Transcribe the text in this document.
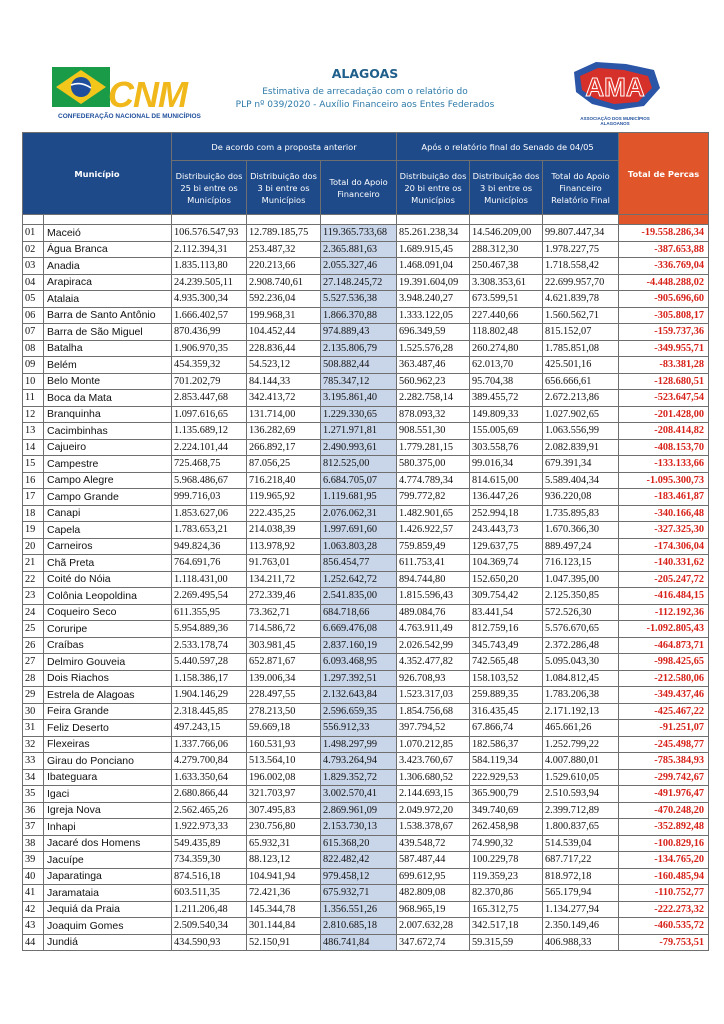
CNM
CONFEDERAÇÃO NACIONAL DE MUNICÍPIOS
ALAGOAS
Estimativa de arrecadação com o relatório do
PLP nº 039/2020 - Auxílio Financeiro aos Entes Federados
AMA
ASSOCIAÇÃO DOS MUNICÍPIOS ALAGOANOS
Município		De acordo com a proposta anterior			Após o relatório final do Senado de 04/05			Total de Percas
		Distribuição dos 25 bi entre os Municípios	Distribuição dos 3 bi entre os Municípios	Total do Apoio Financeiro	Distribuição dos 20 bi entre os Municípios	Distribuição dos 3 bi entre os Municípios	Total do Apoio Financeiro Relatório Final	

01	Maceió	106.576.547,93	12.789.185,75	119.365.733,68	85.261.238,34	14.546.209,00	99.807.447,34	-19.558.286,34
02	Água Branca	2.112.394,31	253.487,32	2.365.881,63	1.689.915,45	288.312,30	1.978.227,75	-387.653,88
03	Anadia	1.835.113,80	220.213,66	2.055.327,46	1.468.091,04	250.467,38	1.718.558,42	-336.769,04
04	Arapiraca	24.239.505,11	2.908.740,61	27.148.245,72	19.391.604,09	3.308.353,61	22.699.957,70	-4.448.288,02
05	Atalaia	4.935.300,34	592.236,04	5.527.536,38	3.948.240,27	673.599,51	4.621.839,78	-905.696,60
06	Barra de Santo Antônio	1.666.402,57	199.968,31	1.866.370,88	1.333.122,05	227.440,66	1.560.562,71	-305.808,17
07	Barra de São Miguel	870.436,99	104.452,44	974.889,43	696.349,59	118.802,48	815.152,07	-159.737,36
08	Batalha	1.906.970,35	228.836,44	2.135.806,79	1.525.576,28	260.274,80	1.785.851,08	-349.955,71
09	Belém	454.359,32	54.523,12	508.882,44	363.487,46	62.013,70	425.501,16	-83.381,28
10	Belo Monte	701.202,79	84.144,33	785.347,12	560.962,23	95.704,38	656.666,61	-128.680,51
11	Boca da Mata	2.853.447,68	342.413,72	3.195.861,40	2.282.758,14	389.455,72	2.672.213,86	-523.647,54
12	Branquinha	1.097.616,65	131.714,00	1.229.330,65	878.093,32	149.809,33	1.027.902,65	-201.428,00
13	Cacimbinhas	1.135.689,12	136.282,69	1.271.971,81	908.551,30	155.005,69	1.063.556,99	-208.414,82
14	Cajueiro	2.224.101,44	266.892,17	2.490.993,61	1.779.281,15	303.558,76	2.082.839,91	-408.153,70
15	Campestre	725.468,75	87.056,25	812.525,00	580.375,00	99.016,34	679.391,34	-133.133,66
16	Campo Alegre	5.968.486,67	716.218,40	6.684.705,07	4.774.789,34	814.615,00	5.589.404,34	-1.095.300,73
17	Campo Grande	999.716,03	119.965,92	1.119.681,95	799.772,82	136.447,26	936.220,08	-183.461,87
18	Canapi	1.853.627,06	222.435,25	2.076.062,31	1.482.901,65	252.994,18	1.735.895,83	-340.166,48
19	Capela	1.783.653,21	214.038,39	1.997.691,60	1.426.922,57	243.443,73	1.670.366,30	-327.325,30
20	Carneiros	949.824,36	113.978,92	1.063.803,28	759.859,49	129.637,75	889.497,24	-174.306,04
21	Chã Preta	764.691,76	91.763,01	856.454,77	611.753,41	104.369,74	716.123,15	-140.331,62
22	Coité do Nóia	1.118.431,00	134.211,72	1.252.642,72	894.744,80	152.650,20	1.047.395,00	-205.247,72
23	Colônia Leopoldina	2.269.495,54	272.339,46	2.541.835,00	1.815.596,43	309.754,42	2.125.350,85	-416.484,15
24	Coqueiro Seco	611.355,95	73.362,71	684.718,66	489.084,76	83.441,54	572.526,30	-112.192,36
25	Coruripe	5.954.889,36	714.586,72	6.669.476,08	4.763.911,49	812.759,16	5.576.670,65	-1.092.805,43
26	Craíbas	2.533.178,74	303.981,45	2.837.160,19	2.026.542,99	345.743,49	2.372.286,48	-464.873,71
27	Delmiro Gouveia	5.440.597,28	652.871,67	6.093.468,95	4.352.477,82	742.565,48	5.095.043,30	-998.425,65
28	Dois Riachos	1.158.386,17	139.006,34	1.297.392,51	926.708,93	158.103,52	1.084.812,45	-212.580,06
29	Estrela de Alagoas	1.904.146,29	228.497,55	2.132.643,84	1.523.317,03	259.889,35	1.783.206,38	-349.437,46
30	Feira Grande	2.318.445,85	278.213,50	2.596.659,35	1.854.756,68	316.435,45	2.171.192,13	-425.467,22
31	Feliz Deserto	497.243,15	59.669,18	556.912,33	397.794,52	67.866,74	465.661,26	-91.251,07
32	Flexeiras	1.337.766,06	160.531,93	1.498.297,99	1.070.212,85	182.586,37	1.252.799,22	-245.498,77
33	Girau do Ponciano	4.279.700,84	513.564,10	4.793.264,94	3.423.760,67	584.119,34	4.007.880,01	-785.384,93
34	Ibateguara	1.633.350,64	196.002,08	1.829.352,72	1.306.680,52	222.929,53	1.529.610,05	-299.742,67
35	Igaci	2.680.866,44	321.703,97	3.002.570,41	2.144.693,15	365.900,79	2.510.593,94	-491.976,47
36	Igreja Nova	2.562.465,26	307.495,83	2.869.961,09	2.049.972,20	349.740,69	2.399.712,89	-470.248,20
37	Inhapi	1.922.973,33	230.756,80	2.153.730,13	1.538.378,67	262.458,98	1.800.837,65	-352.892,48
38	Jacaré dos Homens	549.435,89	65.932,31	615.368,20	439.548,72	74.990,32	514.539,04	-100.829,16
39	Jacuípe	734.359,30	88.123,12	822.482,42	587.487,44	100.229,78	687.717,22	-134.765,20
40	Japaratinga	874.516,18	104.941,94	979.458,12	699.612,95	119.359,23	818.972,18	-160.485,94
41	Jaramataia	603.511,35	72.421,36	675.932,71	482.809,08	82.370,86	565.179,94	-110.752,77
42	Jequiá da Praia	1.211.206,48	145.344,78	1.356.551,26	968.965,19	165.312,75	1.134.277,94	-222.273,32
43	Joaquim Gomes	2.509.540,34	301.144,84	2.810.685,18	2.007.632,28	342.517,18	2.350.149,46	-460.535,72
44	Jundiá	434.590,93	52.150,91	486.741,84	347.672,74	59.315,59	406.988,33	-79.753,51
